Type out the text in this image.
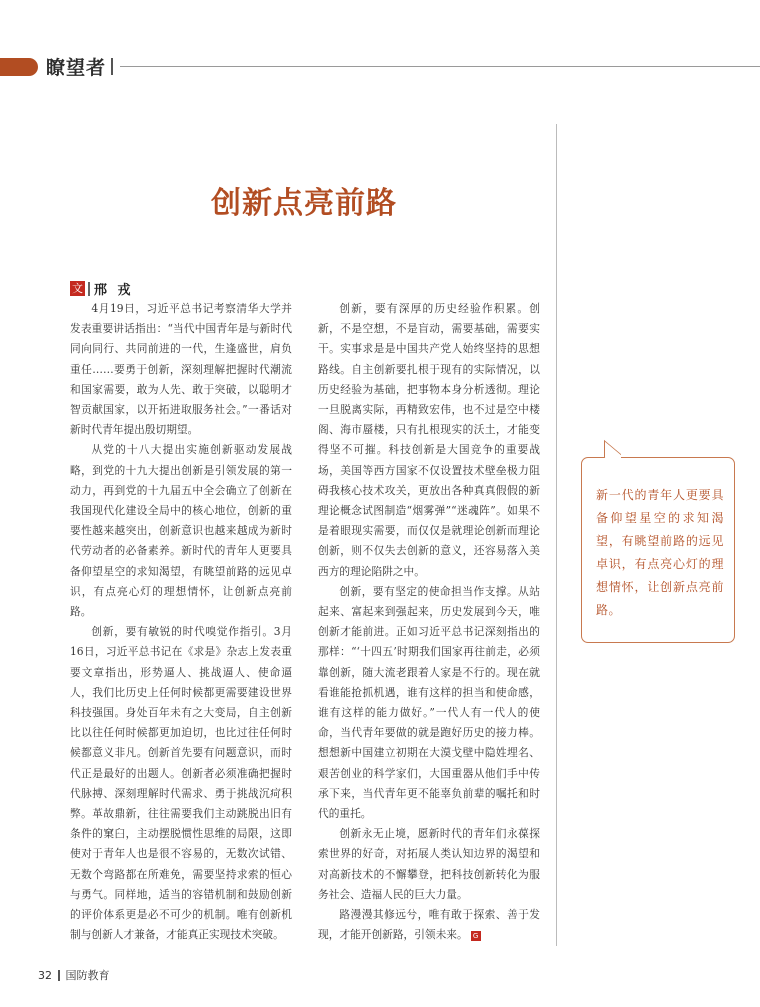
瞭望者
创新点亮前路
文 邢 戎

4月19日，习近平总书记考察清华大学并发表重要讲话指出：“当代中国青年是与新时代同向同行、共同前进的一代，生逢盛世，肩负重任……要勇于创新，深刻理解把握时代潮流和国家需要，敢为人先、敢于突破，以聪明才智贡献国家，以开拓进取服务社会。”一番话对新时代青年提出殷切期望。

从党的十八大提出实施创新驱动发展战略，到党的十九大提出创新是引领发展的第一动力，再到党的十九届五中全会确立了创新在我国现代化建设全局中的核心地位，创新的重要性越来越突出，创新意识也越来越成为新时代劳动者的必备素养。新时代的青年人更要具备仰望星空的求知渴望，有眺望前路的远见卓识，有点亮心灯的理想情怀，让创新点亮前路。

创新，要有敏锐的时代嗅觉作指引。3月16日，习近平总书记在《求是》杂志上发表重要文章指出，形势逼人、挑战逼人、使命逼人，我们比历史上任何时候都更需要建设世界科技强国。身处百年未有之大变局，自主创新比以往任何时候都更加迫切，也比过往任何时候都意义非凡。创新首先要有问题意识，而时代正是最好的出题人。创新者必须准确把握时代脉搏、深刻理解时代需求、勇于挑战沉疴积弊。革故鼎新，往往需要我们主动跳脱出旧有条件的窠臼，主动摆脱惯性思维的局限，这即使对于青年人也是很不容易的，无数次试错、无数个弯路都在所难免，需要坚持求索的恒心与勇气。同样地，适当的容错机制和鼓励创新的评价体系更是必不可少的机制。唯有创新机制与创新人才兼备，才能真正实现技术突破。

创新，要有深厚的历史经验作积累。创新，不是空想，不是盲动，需要基础，需要实干。实事求是是中国共产党人始终坚持的思想路线。自主创新要扎根于现有的实际情况，以历史经验为基础，把事物本身分析透彻。理论一旦脱离实际，再精致宏伟，也不过是空中楼阁、海市蜃楼，只有扎根现实的沃土，才能变得坚不可摧。科技创新是大国竞争的重要战场，美国等西方国家不仅设置技术壁垒极力阻碍我核心技术攻关，更放出各种真真假假的新理论概念试图制造“烟雾弹”“迷魂阵”。如果不是着眼现实需要，而仅仅是就理论创新而理论创新，则不仅失去创新的意义，还容易落入美西方的理论陷阱之中。

创新，要有坚定的使命担当作支撑。从站起来、富起来到强起来，历史发展到今天，唯创新才能前进。正如习近平总书记深刻指出的那样：“‘十四五’时期我们国家再往前走，必须靠创新，随大流老跟着人家是不行的。现在就看谁能抢抓机遇，谁有这样的担当和使命感，谁有这样的能力做好。”一代人有一代人的使命，当代青年要做的就是跑好历史的接力棒。想想新中国建立初期在大漠戈壁中隐姓埋名、艰苦创业的科学家们，大国重器从他们手中传承下来，当代青年更不能辜负前辈的嘱托和时代的重托。

创新永无止境，愿新时代的青年们永葆探索世界的好奇，对拓展人类认知边界的渴望和对高新技术的不懈攀登，把科技创新转化为服务社会、造福人民的巨大力量。

路漫漫其修远兮，唯有敢于探索、善于发现，才能开创新路，引领未来。 G

新一代的青年人更要具备仰望星空的求知渴望，有眺望前路的远见卓识，有点亮心灯的理想情怀，让创新点亮前路。

32 国防教育
